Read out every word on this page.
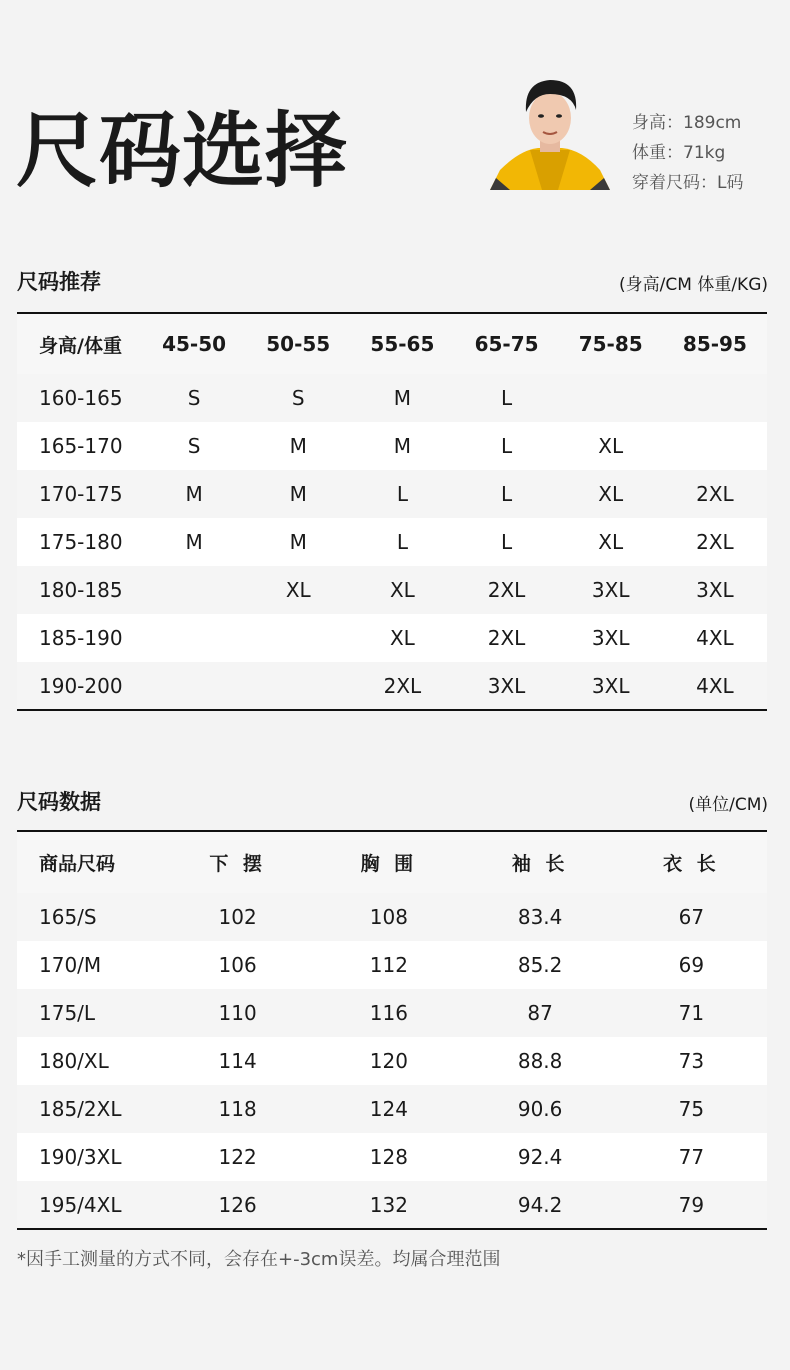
尺码选择	身高：189cm
体重：71kg
穿着尺码：L码
尺码推荐	(身高/CM 体重/KG)
身高/体重	45-50	50-55	55-65	65-75	75-85	85-95
160-165	S	S	M	L		
165-170	S	M	M	L	XL	
170-175	M	M	L	L	XL	2XL
175-180	M	M	L	L	XL	2XL
180-185		XL	XL	2XL	3XL	3XL
185-190			XL	2XL	3XL	4XL
190-200			2XL	3XL	3XL	4XL
尺码数据	(单位/CM)
商品尺码	下 摆	胸 围	袖 长	衣 长
165/S	102	108	83.4	67
170/M	106	112	85.2	69
175/L	110	116	87	71
180/XL	114	120	88.8	73
185/2XL	118	124	90.6	75
190/3XL	122	128	92.4	77
195/4XL	126	132	94.2	79
*因手工测量的方式不同，会存在+-3cm误差。均属合理范围
